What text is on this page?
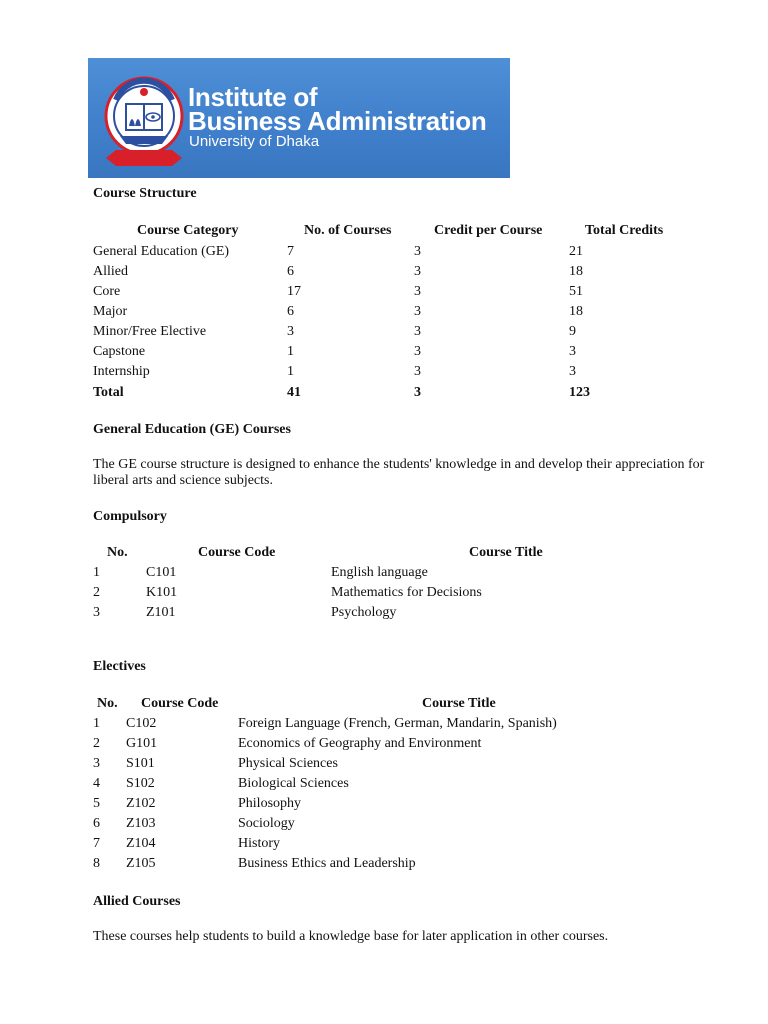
Institute of
Business Administration
University of Dhaka
Course Structure
Course Category	No. of Courses	Credit per Course	Total Credits
General Education (GE)	7	3	21
Allied	6	3	18
Core	17	3	51
Major	6	3	18
Minor/Free Elective	3	3	9
Capstone	1	3	3
Internship	1	3	3
Total	41	3	123
General Education (GE) Courses
The GE course structure is designed to enhance the students' knowledge in and develop their appreciation for liberal arts and science subjects.
Compulsory
No.	Course Code	Course Title
1	C101	English language
2	K101	Mathematics for Decisions
3	Z101	Psychology
Electives
No. Course Code	Course Title
1 C102	Foreign Language (French, German, Mandarin, Spanish)
2 G101	Economics of Geography and Environment
3 S101	Physical Sciences
4 S102	Biological Sciences
5 Z102	Philosophy
6 Z103	Sociology
7 Z104	History
8 Z105	Business Ethics and Leadership
Allied Courses
These courses help students to build a knowledge base for later application in other courses.
